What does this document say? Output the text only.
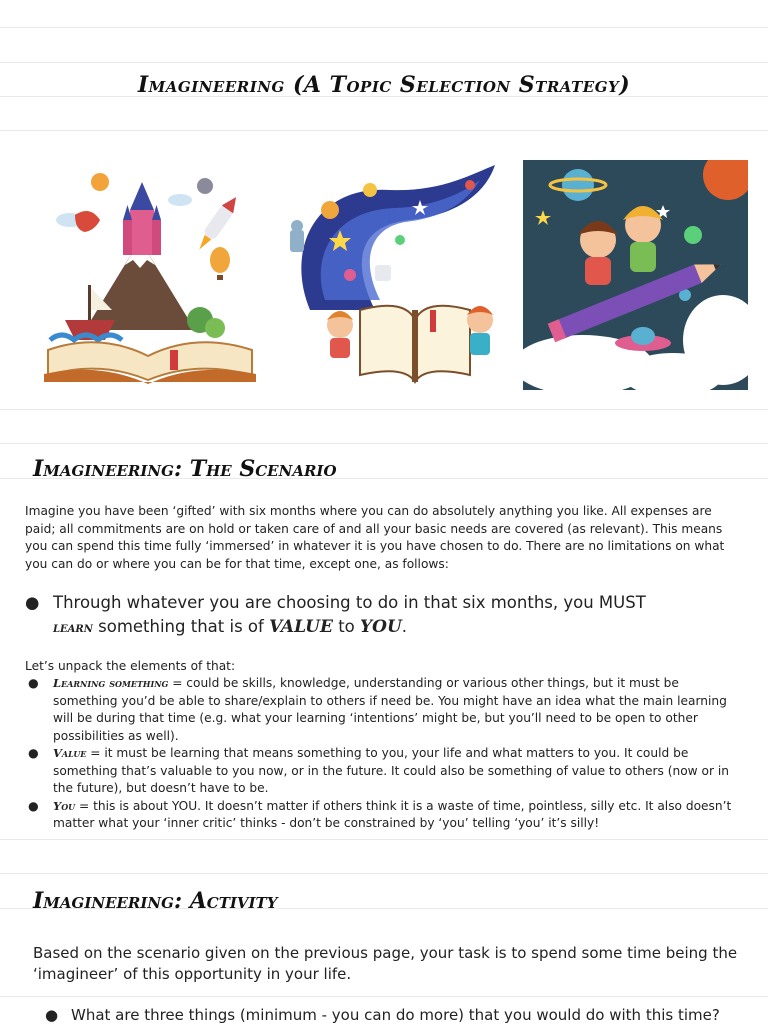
Imagineering (A Topic Selection Strategy)
Imagineering: The Scenario
Imagine you have been ‘gifted’ with six months where you can do absolutely anything you like. All expenses are paid; all commitments are on hold or taken care of and all your basic needs are covered (as relevant). This means you can spend this time fully ‘immersed’ in whatever it is you have chosen to do. There are no limitations on what you can do or where you can be for that time, except one, as follows:
● Through whatever you are choosing to do in that six months, you MUST
learn something that is of VALUE to YOU.
Let’s unpack the elements of that:
● Learning something = could be skills, knowledge, understanding or various other things, but it must be something you’d be able to share/explain to others if need be. You might have an idea what the main learning will be during that time (e.g. what your learning ‘intentions’ might be, but you’ll need to be open to other possibilities as well).
● Value = it must be learning that means something to you, your life and what matters to you. It could be something that’s valuable to you now, or in the future. It could also be something of value to others (now or in the future), but doesn’t have to be.
● You = this is about YOU. It doesn’t matter if others think it is a waste of time, pointless, silly etc. It also doesn’t matter what your ‘inner critic’ thinks - don’t be constrained by ‘you’ telling ‘you’ it’s silly!
Imagineering: Activity
Based on the scenario given on the previous page, your task is to spend some time being the ‘imagineer’ of this opportunity in your life.
● What are three things (minimum - you can do more) that you would do with this time?
